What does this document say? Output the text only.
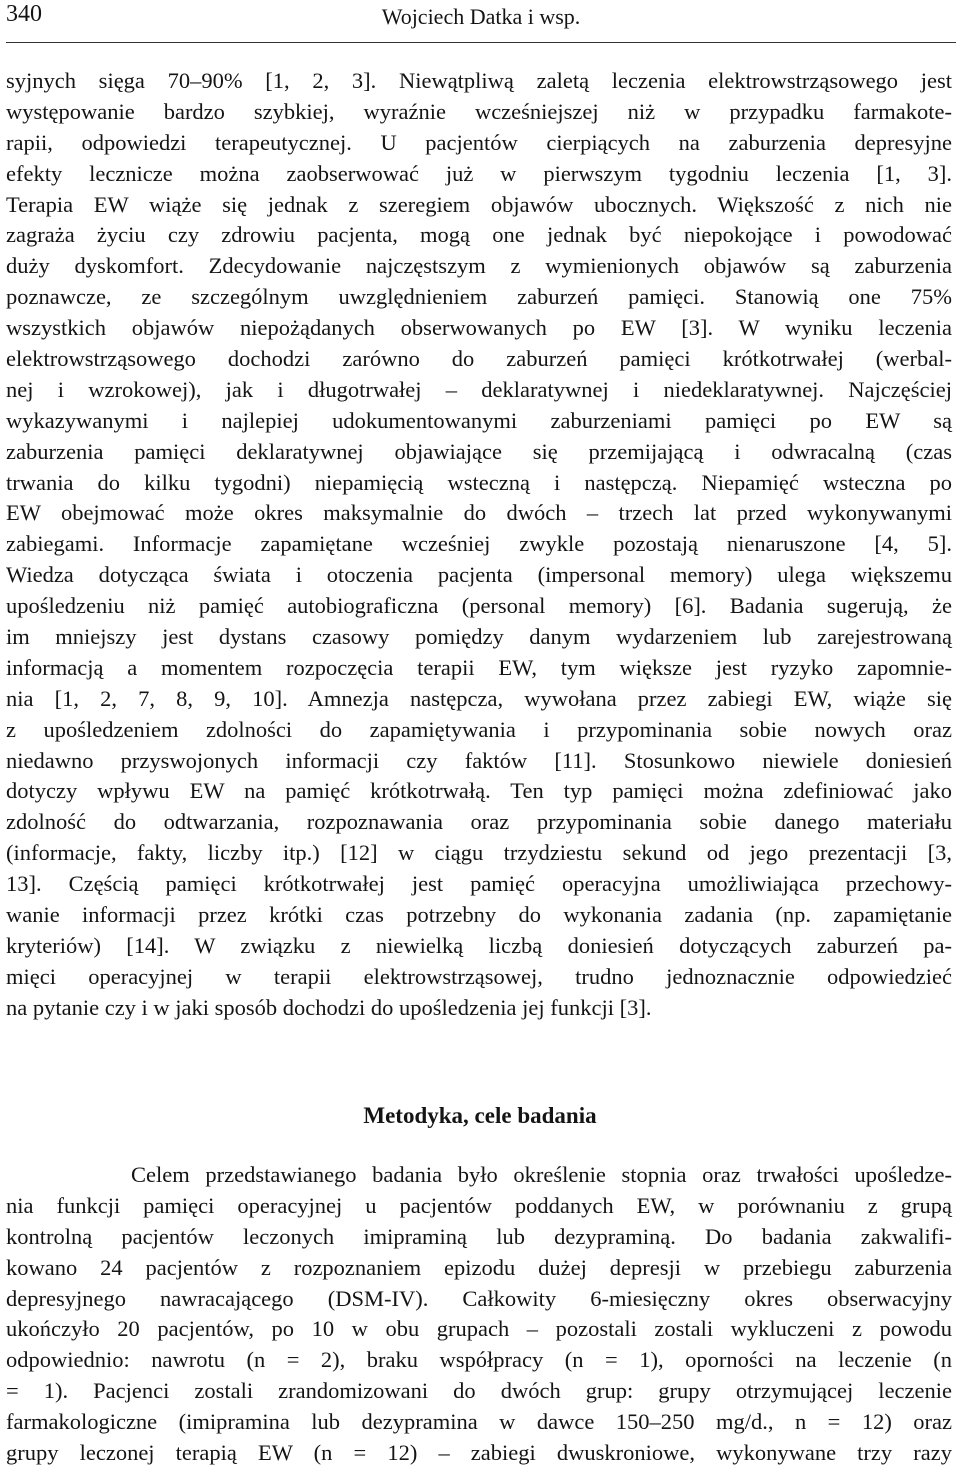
340	Wojciech Datka i wsp.
syjnych sięga 70–90% [1, 2, 3]. Niewątpliwą zaletą leczenia elektrowstrząsowego jest
występowanie bardzo szybkiej, wyraźnie wcześniejszej niż w przypadku farmakote-
rapii, odpowiedzi terapeutycznej. U pacjentów cierpiących na zaburzenia depresyjne
efekty lecznicze można zaobserwować już w pierwszym tygodniu leczenia [1, 3].
Terapia EW wiąże się jednak z szeregiem objawów ubocznych. Większość z nich nie
zagraża życiu czy zdrowiu pacjenta, mogą one jednak być niepokojące i powodować
duży dyskomfort. Zdecydowanie najczęstszym z wymienionych objawów są zaburzenia
poznawcze, ze szczególnym uwzględnieniem zaburzeń pamięci. Stanowią one 75%
wszystkich objawów niepożądanych obserwowanych po EW [3]. W wyniku leczenia
elektrowstrząsowego dochodzi zarówno do zaburzeń pamięci krótkotrwałej (werbal-
nej i wzrokowej), jak i długotrwałej – deklaratywnej i niedeklaratywnej. Najczęściej
wykazywanymi i najlepiej udokumentowanymi zaburzeniami pamięci po EW są
zaburzenia pamięci deklaratywnej objawiające się przemijającą i odwracalną (czas
trwania do kilku tygodni) niepamięcią wsteczną i następczą. Niepamięć wsteczna po
EW obejmować może okres maksymalnie do dwóch – trzech lat przed wykonywanymi
zabiegami. Informacje zapamiętane wcześniej zwykle pozostają nienaruszone [4, 5].
Wiedza dotycząca świata i otoczenia pacjenta (impersonal memory) ulega większemu
upośledzeniu niż pamięć autobiograficzna (personal memory) [6]. Badania sugerują, że
im mniejszy jest dystans czasowy pomiędzy danym wydarzeniem lub zarejestrowaną
informacją a momentem rozpoczęcia terapii EW, tym większe jest ryzyko zapomnie-
nia [1, 2, 7, 8, 9, 10]. Amnezja następcza, wywołana przez zabiegi EW, wiąże się
z upośledzeniem zdolności do zapamiętywania i przypominania sobie nowych oraz
niedawno przyswojonych informacji czy faktów [11]. Stosunkowo niewiele doniesień
dotyczy wpływu EW na pamięć krótkotrwałą. Ten typ pamięci można zdefiniować jako
zdolność do odtwarzania, rozpoznawania oraz przypominania sobie danego materiału
(informacje, fakty, liczby itp.) [12] w ciągu trzydziestu sekund od jego prezentacji [3,
13]. Częścią pamięci krótkotrwałej jest pamięć operacyjna umożliwiająca przechowy-
wanie informacji przez krótki czas potrzebny do wykonania zadania (np. zapamiętanie
kryteriów) [14]. W związku z niewielką liczbą doniesień dotyczących zaburzeń pa-
mięci operacyjnej w terapii elektrowstrząsowej, trudno jednoznacznie odpowiedzieć
na pytanie czy i w jaki sposób dochodzi do upośledzenia jej funkcji [3].
Metodyka, cele badania
Celem przedstawianego badania było określenie stopnia oraz trwałości upośledze-
nia funkcji pamięci operacyjnej u pacjentów poddanych EW, w porównaniu z grupą
kontrolną pacjentów leczonych imipraminą lub dezypraminą. Do badania zakwalifi-
kowano 24 pacjentów z rozpoznaniem epizodu dużej depresji w przebiegu zaburzenia
depresyjnego nawracającego (DSM-IV). Całkowity 6-miesięczny okres obserwacyjny
ukończyło 20 pacjentów, po 10 w obu grupach – pozostali zostali wykluczeni z powodu
odpowiednio: nawrotu (n = 2), braku współpracy (n = 1), oporności na leczenie (n
= 1). Pacjenci zostali zrandomizowani do dwóch grup: grupy otrzymującej leczenie
farmakologiczne (imipramina lub dezypramina w dawce 150–250 mg/d., n = 12) oraz
grupy leczonej terapią EW (n = 12) – zabiegi dwuskroniowe, wykonywane trzy razy
